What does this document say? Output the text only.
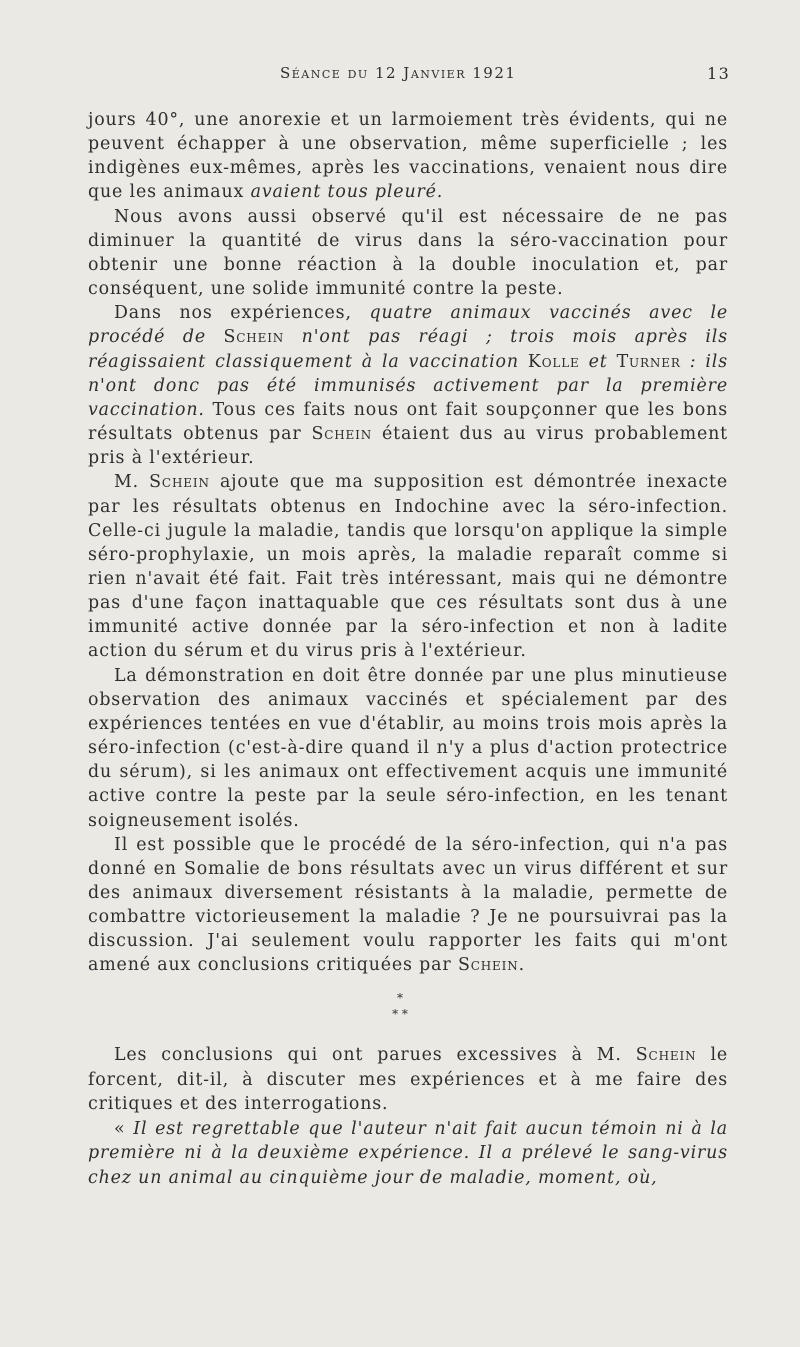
Séance du 12 Janvier 1921	13

jours 40°, une anorexie et un larmoiement très évidents, qui ne peuvent échapper à une observation, même superficielle ; les indigènes eux-mêmes, après les vaccinations, venaient nous dire que les animaux avaient tous pleuré.

Nous avons aussi observé qu'il est nécessaire de ne pas diminuer la quantité de virus dans la séro-vaccination pour obtenir une bonne réaction à la double inoculation et, par conséquent, une solide immunité contre la peste.

Dans nos expériences, quatre animaux vaccinés avec le procédé de Schein n'ont pas réagi ; trois mois après ils réagissaient classiquement à la vaccination Kolle et Turner : ils n'ont donc pas été immunisés activement par la première vaccination. Tous ces faits nous ont fait soupçonner que les bons résultats obtenus par Schein étaient dus au virus probablement pris à l'extérieur.

M. Schein ajoute que ma supposition est démontrée inexacte par les résultats obtenus en Indochine avec la séro-infection. Celle-ci jugule la maladie, tandis que lorsqu'on applique la simple séro-prophylaxie, un mois après, la maladie reparaît comme si rien n'avait été fait. Fait très intéressant, mais qui ne démontre pas d'une façon inattaquable que ces résultats sont dus à une immunité active donnée par la séro-infection et non à ladite action du sérum et du virus pris à l'extérieur.

La démonstration en doit être donnée par une plus minutieuse observation des animaux vaccinés et spécialement par des expériences tentées en vue d'établir, au moins trois mois après la séro-infection (c'est-à-dire quand il n'y a plus d'action protectrice du sérum), si les animaux ont effectivement acquis une immunité active contre la peste par la seule séro-infection, en les tenant soigneusement isolés.

Il est possible que le procédé de la séro-infection, qui n'a pas donné en Somalie de bons résultats avec un virus différent et sur des animaux diversement résistants à la maladie, permette de combattre victorieusement la maladie ? Je ne poursuivrai pas la discussion. J'ai seulement voulu rapporter les faits qui m'ont amené aux conclusions critiquées par Schein.

*
* *

Les conclusions qui ont parues excessives à M. Schein le forcent, dit-il, à discuter mes expériences et à me faire des critiques et des interrogations.

« Il est regrettable que l'auteur n'ait fait aucun témoin ni à la première ni à la deuxième expérience. Il a prélevé le sang-virus chez un animal au cinquième jour de maladie, moment, où,
